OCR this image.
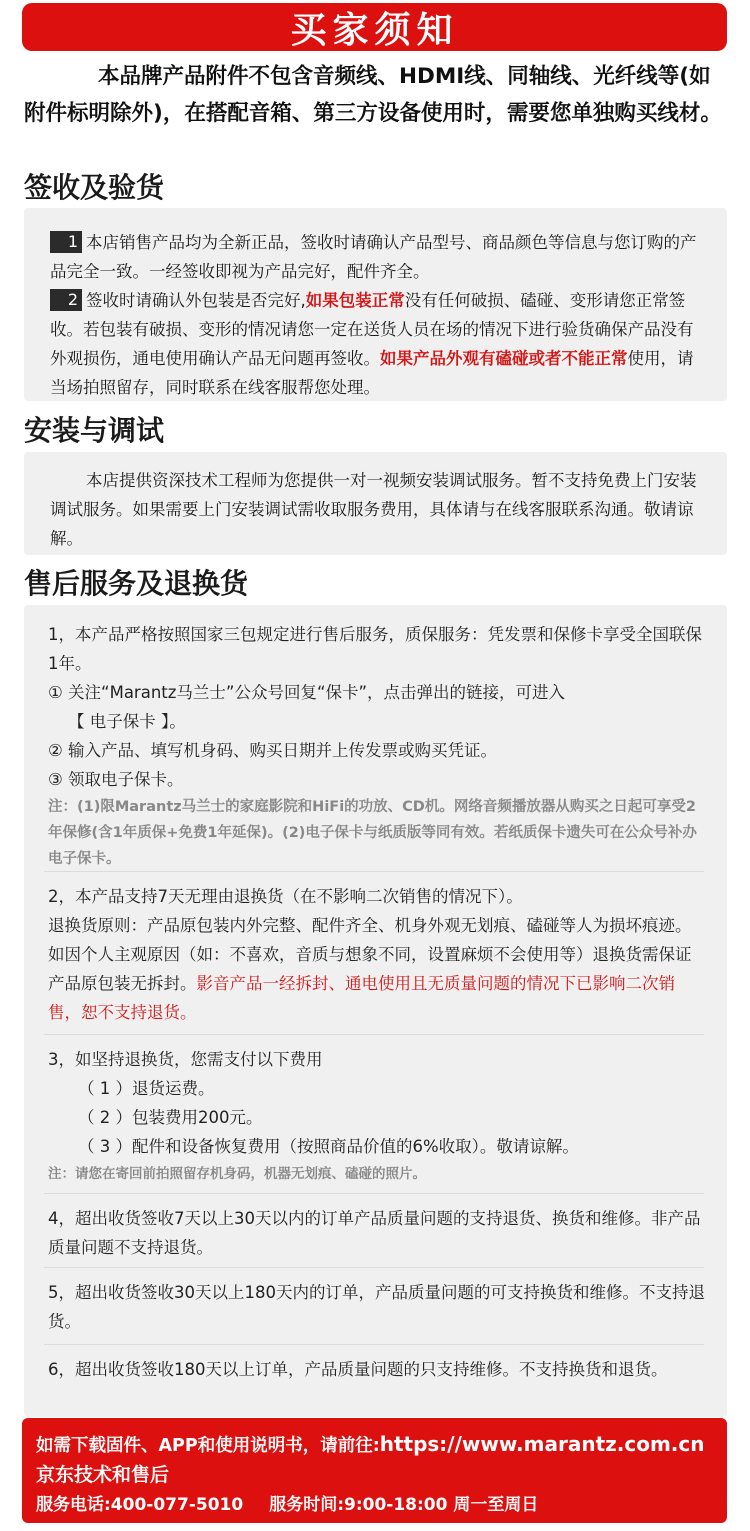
买家须知
本品牌产品附件不包含音频线、HDMI线、同轴线、光纤线等(如附件标明除外)，在搭配音箱、第三方设备使用时，需要您单独购买线材。
签收及验货
1 本店销售产品均为全新正品，签收时请确认产品型号、商品颜色等信息与您订购的产品完全一致。一经签收即视为产品完好，配件齐全。
2 签收时请确认外包装是否完好,如果包装正常没有任何破损、磕碰、变形请您正常签收。若包装有破损、变形的情况请您一定在送货人员在场的情况下进行验货确保产品没有外观损伤，通电使用确认产品无问题再签收。如果产品外观有磕碰或者不能正常使用，请当场拍照留存，同时联系在线客服帮您处理。
安装与调试
本店提供资深技术工程师为您提供一对一视频安装调试服务。暂不支持免费上门安装调试服务。如果需要上门安装调试需收取服务费用，具体请与在线客服联系沟通。敬请谅解。
售后服务及退换货
1，本产品严格按照国家三包规定进行售后服务，质保服务：凭发票和保修卡享受全国联保1年。
① 关注“Marantz马兰士”公众号回复“保卡”，点击弹出的链接，可进入
【 电子保卡 】。
② 输入产品、填写机身码、购买日期并上传发票或购买凭证。
③ 领取电子保卡。
注：(1)限Marantz马兰士的家庭影院和HiFi的功放、CD机。网络音频播放器从购买之日起可享受2年保修(含1年质保+免费1年延保)。(2)电子保卡与纸质版等同有效。若纸质保卡遗失可在公众号补办电子保卡。
2，本产品支持7天无理由退换货（在不影响二次销售的情况下）。
退换货原则：产品原包装内外完整、配件齐全、机身外观无划痕、磕碰等人为损坏痕迹。如因个人主观原因（如：不喜欢，音质与想象不同，设置麻烦不会使用等）退换货需保证产品原包装无拆封。影音产品一经拆封、通电使用且无质量问题的情况下已影响二次销售，恕不支持退货。
3，如坚持退换货，您需支付以下费用
（ 1 ）退货运费。
（ 2 ）包装费用200元。
（ 3 ）配件和设备恢复费用（按照商品价值的6%收取）。敬请谅解。
注：请您在寄回前拍照留存机身码，机器无划痕、磕碰的照片。
4，超出收货签收7天以上30天以内的订单产品质量问题的支持退货、换货和维修。非产品质量问题不支持退货。
5，超出收货签收30天以上180天内的订单，产品质量问题的可支持换货和维修。不支持退货。
6，超出收货签收180天以上订单，产品质量问题的只支持维修。不支持换货和退货。
如需下载固件、APP和使用说明书，请前往:https://www.marantz.com.cn
京东技术和售后
服务电话:400-077-5010 服务时间:9:00-18:00 周一至周日
